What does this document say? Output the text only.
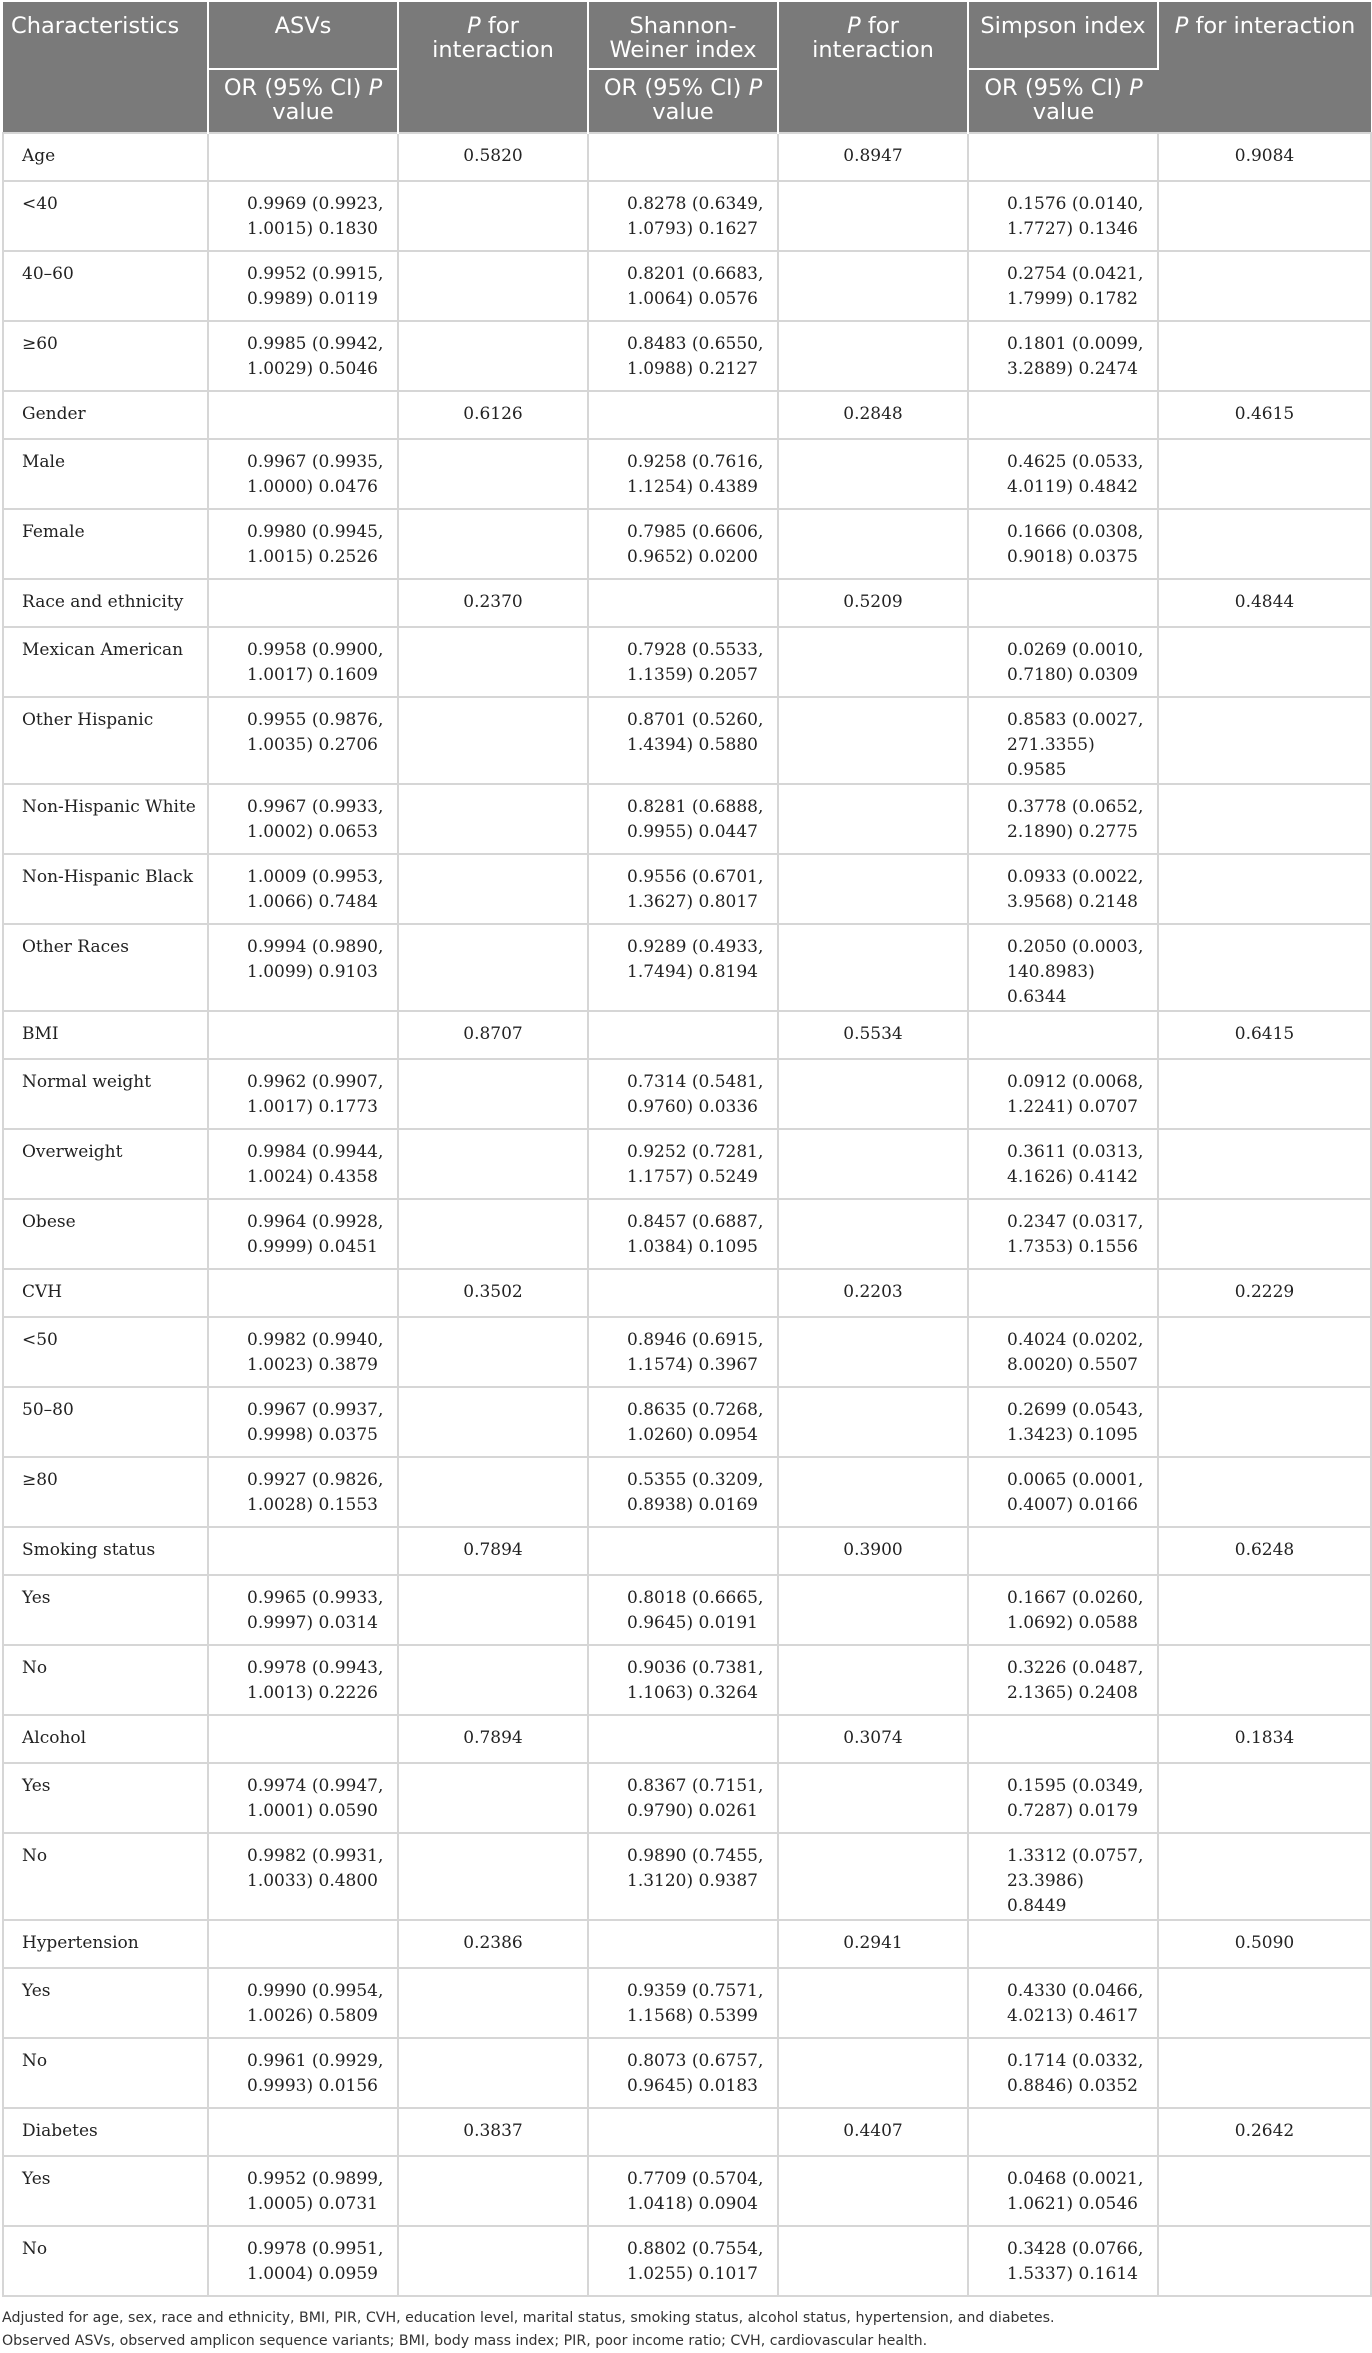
Characteristics	ASVs	P for interaction	Shannon-Weiner index	P for interaction	Simpson index	P for interaction
	OR (95% CI) P value		OR (95% CI) P value		OR (95% CI) P value	
Age		0.5820		0.8947		0.9084
<40	0.9969 (0.9923, 1.0015) 0.1830		0.8278 (0.6349, 1.0793) 0.1627		0.1576 (0.0140, 1.7727) 0.1346	
40–60	0.9952 (0.9915, 0.9989) 0.0119		0.8201 (0.6683, 1.0064) 0.0576		0.2754 (0.0421, 1.7999) 0.1782	
≥60	0.9985 (0.9942, 1.0029) 0.5046		0.8483 (0.6550, 1.0988) 0.2127		0.1801 (0.0099, 3.2889) 0.2474	
Gender		0.6126		0.2848		0.4615
Male	0.9967 (0.9935, 1.0000) 0.0476		0.9258 (0.7616, 1.1254) 0.4389		0.4625 (0.0533, 4.0119) 0.4842	
Female	0.9980 (0.9945, 1.0015) 0.2526		0.7985 (0.6606, 0.9652) 0.0200		0.1666 (0.0308, 0.9018) 0.0375	
Race and ethnicity		0.2370		0.5209		0.4844
Mexican American	0.9958 (0.9900, 1.0017) 0.1609		0.7928 (0.5533, 1.1359) 0.2057		0.0269 (0.0010, 0.7180) 0.0309	
Other Hispanic	0.9955 (0.9876, 1.0035) 0.2706		0.8701 (0.5260, 1.4394) 0.5880		0.8583 (0.0027, 271.3355) 0.9585	
Non-Hispanic White	0.9967 (0.9933, 1.0002) 0.0653		0.8281 (0.6888, 0.9955) 0.0447		0.3778 (0.0652, 2.1890) 0.2775	
Non-Hispanic Black	1.0009 (0.9953, 1.0066) 0.7484		0.9556 (0.6701, 1.3627) 0.8017		0.0933 (0.0022, 3.9568) 0.2148	
Other Races	0.9994 (0.9890, 1.0099) 0.9103		0.9289 (0.4933, 1.7494) 0.8194		0.2050 (0.0003, 140.8983) 0.6344	
BMI		0.8707		0.5534		0.6415
Normal weight	0.9962 (0.9907, 1.0017) 0.1773		0.7314 (0.5481, 0.9760) 0.0336		0.0912 (0.0068, 1.2241) 0.0707	
Overweight	0.9984 (0.9944, 1.0024) 0.4358		0.9252 (0.7281, 1.1757) 0.5249		0.3611 (0.0313, 4.1626) 0.4142	
Obese	0.9964 (0.9928, 0.9999) 0.0451		0.8457 (0.6887, 1.0384) 0.1095		0.2347 (0.0317, 1.7353) 0.1556	
CVH		0.3502		0.2203		0.2229
<50	0.9982 (0.9940, 1.0023) 0.3879		0.8946 (0.6915, 1.1574) 0.3967		0.4024 (0.0202, 8.0020) 0.5507	
50–80	0.9967 (0.9937, 0.9998) 0.0375		0.8635 (0.7268, 1.0260) 0.0954		0.2699 (0.0543, 1.3423) 0.1095	
≥80	0.9927 (0.9826, 1.0028) 0.1553		0.5355 (0.3209, 0.8938) 0.0169		0.0065 (0.0001, 0.4007) 0.0166	
Smoking status		0.7894		0.3900		0.6248
Yes	0.9965 (0.9933, 0.9997) 0.0314		0.8018 (0.6665, 0.9645) 0.0191		0.1667 (0.0260, 1.0692) 0.0588	
No	0.9978 (0.9943, 1.0013) 0.2226		0.9036 (0.7381, 1.1063) 0.3264		0.3226 (0.0487, 2.1365) 0.2408	
Alcohol		0.7894		0.3074		0.1834
Yes	0.9974 (0.9947, 1.0001) 0.0590		0.8367 (0.7151, 0.9790) 0.0261		0.1595 (0.0349, 0.7287) 0.0179	
No	0.9982 (0.9931, 1.0033) 0.4800		0.9890 (0.7455, 1.3120) 0.9387		1.3312 (0.0757, 23.3986) 0.8449	
Hypertension		0.2386		0.2941		0.5090
Yes	0.9990 (0.9954, 1.0026) 0.5809		0.9359 (0.7571, 1.1568) 0.5399		0.4330 (0.0466, 4.0213) 0.4617	
No	0.9961 (0.9929, 0.9993) 0.0156		0.8073 (0.6757, 0.9645) 0.0183		0.1714 (0.0332, 0.8846) 0.0352	
Diabetes		0.3837		0.4407		0.2642
Yes	0.9952 (0.9899, 1.0005) 0.0731		0.7709 (0.5704, 1.0418) 0.0904		0.0468 (0.0021, 1.0621) 0.0546	
No	0.9978 (0.9951, 1.0004) 0.0959		0.8802 (0.7554, 1.0255) 0.1017		0.3428 (0.0766, 1.5337) 0.1614	
Adjusted for age, sex, race and ethnicity, BMI, PIR, CVH, education level, marital status, smoking status, alcohol status, hypertension, and diabetes.
Observed ASVs, observed amplicon sequence variants; BMI, body mass index; PIR, poor income ratio; CVH, cardiovascular health.
